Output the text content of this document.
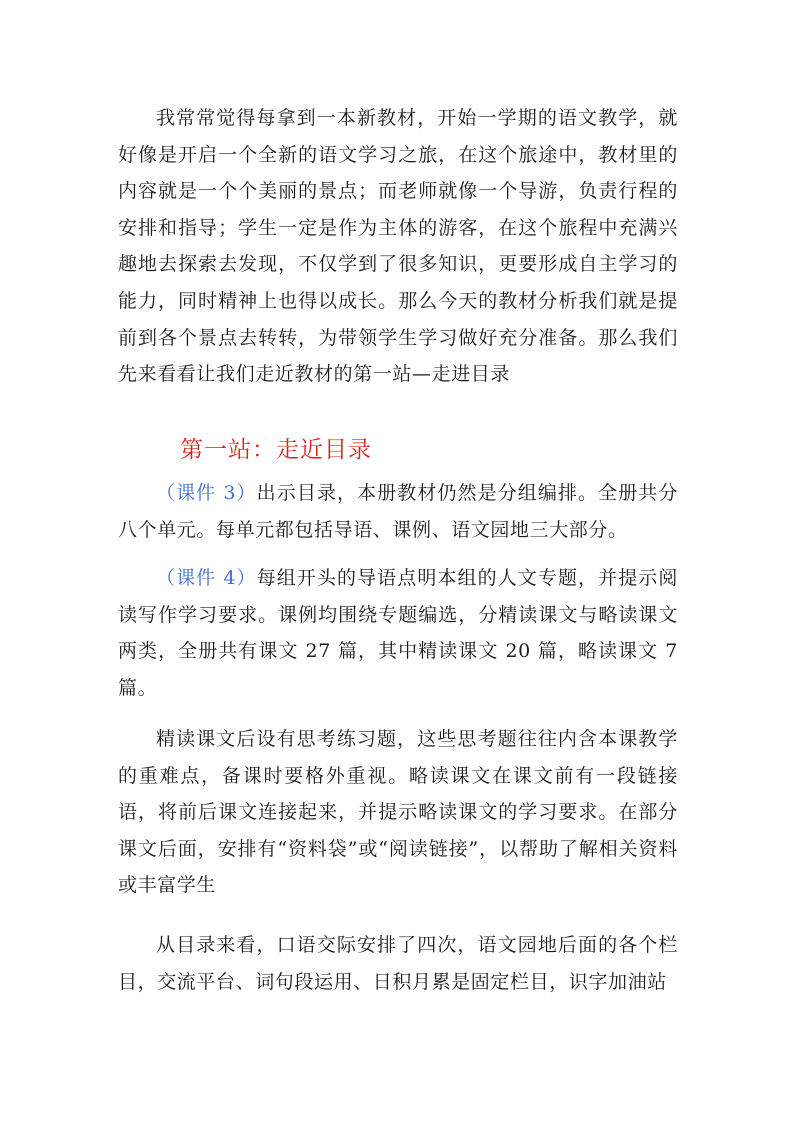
我常常觉得每拿到一本新教材，开始一学期的语文教学，就好像是开启一个全新的语文学习之旅，在这个旅途中，教材里的内容就是一个个美丽的景点；而老师就像一个导游，负责行程的安排和指导；学生一定是作为主体的游客，在这个旅程中充满兴趣地去探索去发现，不仅学到了很多知识，更要形成自主学习的能力，同时精神上也得以成长。那么今天的教材分析我们就是提前到各个景点去转转，为带领学生学习做好充分准备。那么我们先来看看让我们走近教材的第一站—走进目录
第一站：走近目录
（课件 3）出示目录，本册教材仍然是分组编排。全册共分八个单元。每单元都包括导语、课例、语文园地三大部分。
（课件 4）每组开头的导语点明本组的人文专题，并提示阅读写作学习要求。课例均围绕专题编选，分精读课文与略读课文两类，全册共有课文 27 篇，其中精读课文 20 篇，略读课文 7 篇。
精读课文后设有思考练习题，这些思考题往往内含本课教学的重难点，备课时要格外重视。略读课文在课文前有一段链接语，将前后课文连接起来，并提示略读课文的学习要求。在部分课文后面，安排有“资料袋”或“阅读链接”，以帮助了解相关资料或丰富学生
从目录来看，口语交际安排了四次，语文园地后面的各个栏目，交流平台、词句段运用、日积月累是固定栏目，识字加油站
